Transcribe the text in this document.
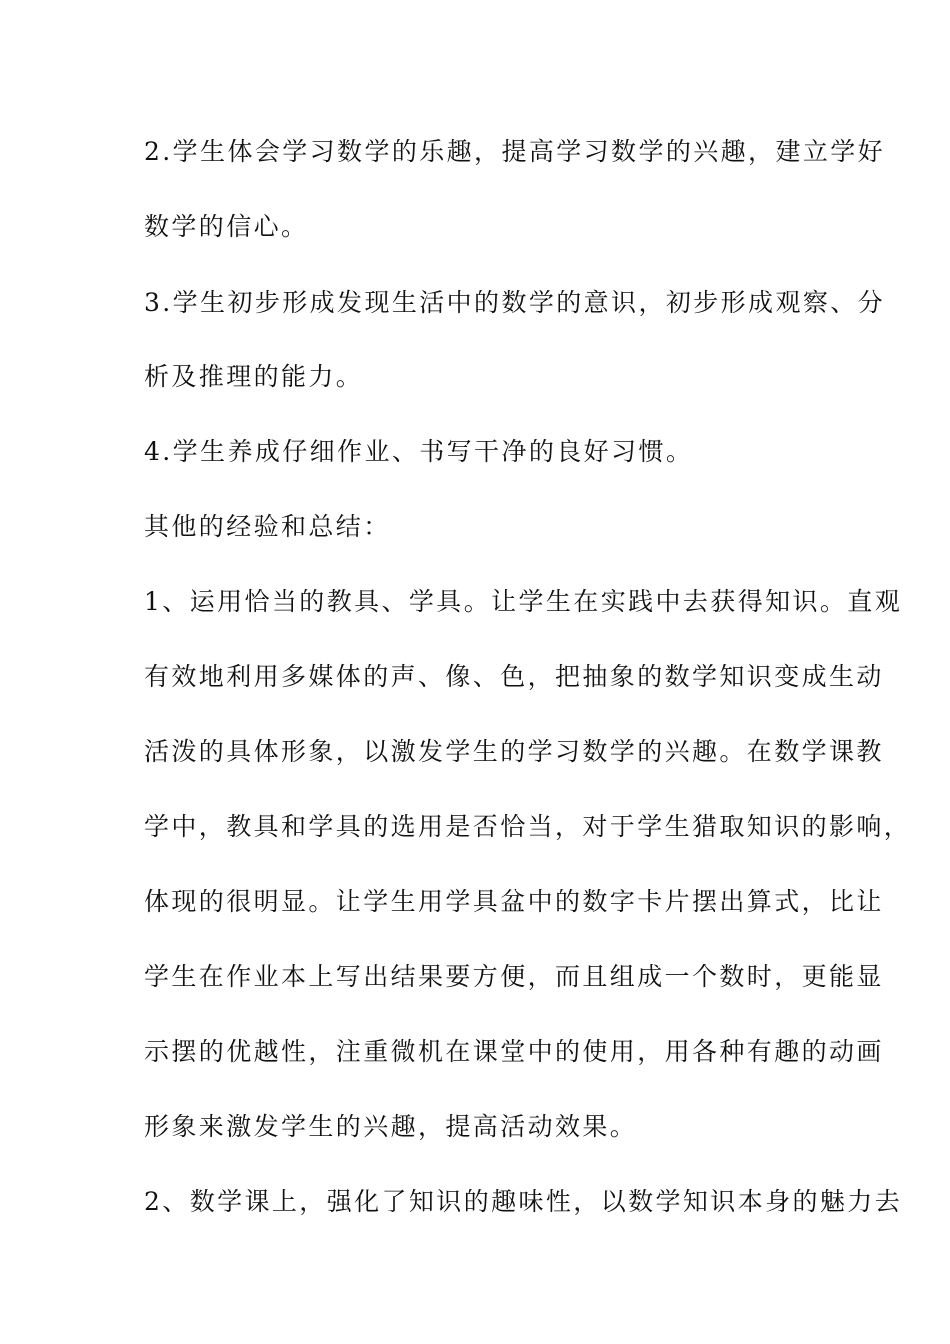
2.学生体会学习数学的乐趣，提高学习数学的兴趣，建立学好
数学的信心。
3.学生初步形成发现生活中的数学的意识，初步形成观察、分
析及推理的能力。
4.学生养成仔细作业、书写干净的良好习惯。
其他的经验和总结：
1、运用恰当的教具、学具。让学生在实践中去获得知识。直观
有效地利用多媒体的声、像、色，把抽象的数学知识变成生动
活泼的具体形象，以激发学生的学习数学的兴趣。在数学课教
学中，教具和学具的选用是否恰当，对于学生猎取知识的影响，
体现的很明显。让学生用学具盆中的数字卡片摆出算式，比让
学生在作业本上写出结果要方便，而且组成一个数时，更能显
示摆的优越性，注重微机在课堂中的使用，用各种有趣的动画
形象来激发学生的兴趣，提高活动效果。
2、数学课上，强化了知识的趣味性，以数学知识本身的魅力去
